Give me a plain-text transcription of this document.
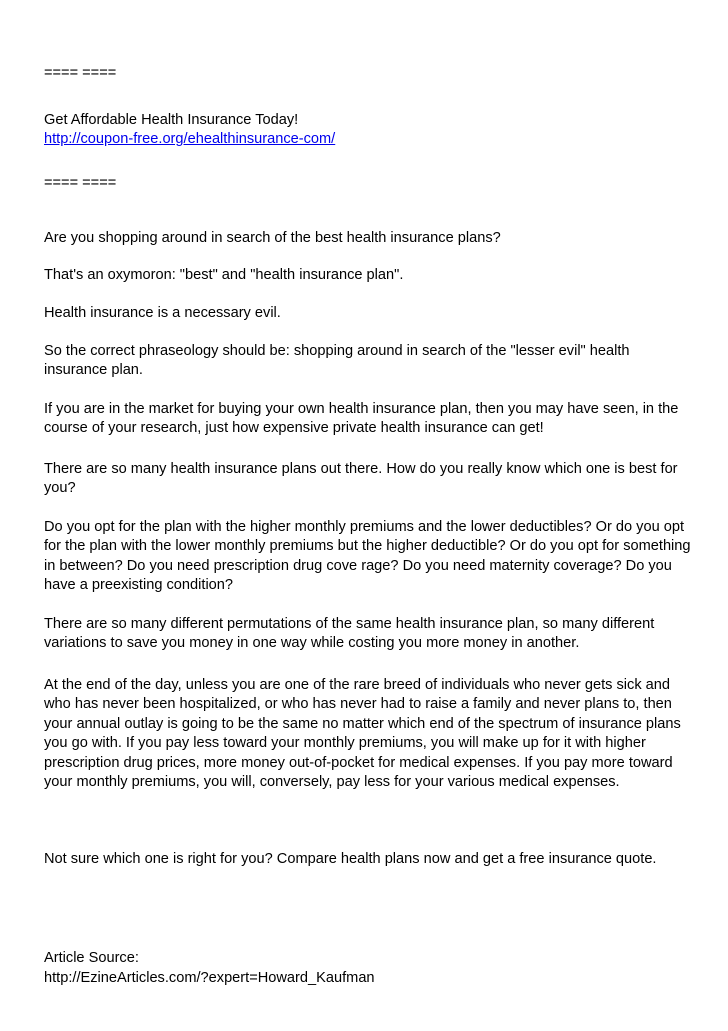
==== ====
Get Affordable Health Insurance Today!
http://coupon-free.org/ehealthinsurance-com/
==== ====

Are you shopping around in search of the best health insurance plans?

That's an oxymoron: "best" and "health insurance plan".

Health insurance is a necessary evil.

So the correct phraseology should be: shopping around in search of the "lesser evil" health insurance plan.

If you are in the market for buying your own health insurance plan, then you may have seen, in the course of your research, just how expensive private health insurance can get!

There are so many health insurance plans out there. How do you really know which one is best for you?

Do you opt for the plan with the higher monthly premiums and the lower deductibles? Or do you opt for the plan with the lower monthly premiums but the higher deductible? Or do you opt for something in between? Do you need prescription drug cove rage? Do you need maternity coverage? Do you have a preexisting condition?

There are so many different permutations of the same health insurance plan, so many different variations to save you money in one way while costing you more money in another.

At the end of the day, unless you are one of the rare breed of individuals who never gets sick and who has never been hospitalized, or who has never had to raise a family and never plans to, then your annual outlay is going to be the same no matter which end of the spectrum of insurance plans you go with. If you pay less toward your monthly premiums, you will make up for it with higher prescription drug prices, more money out-of-pocket for medical expenses. If you pay more toward your monthly premiums, you will, conversely, pay less for your various medical expenses.

Not sure which one is right for you? Compare health plans now and get a free insurance quote.

Article Source:
http://EzineArticles.com/?expert=Howard_Kaufman
